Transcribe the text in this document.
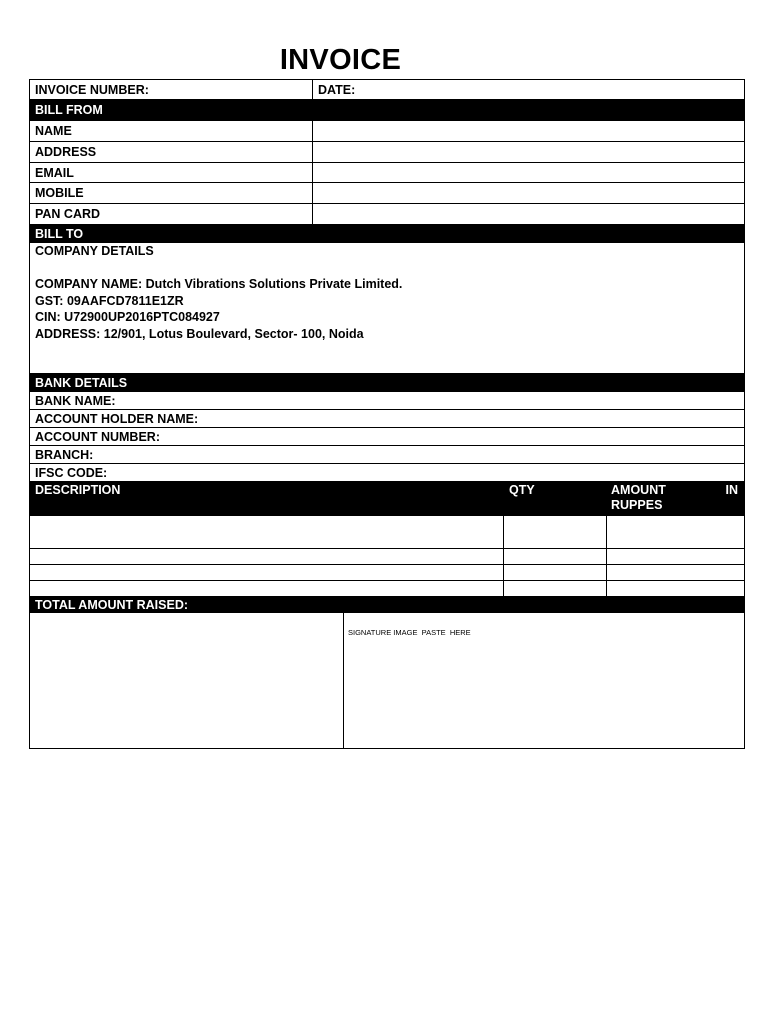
INVOICE
INVOICE NUMBER:	DATE:
BILL FROM
NAME
ADDRESS
EMAIL
MOBILE
PAN CARD
BILL TO
COMPANY DETAILS
COMPANY NAME: Dutch Vibrations Solutions Private Limited.
GST: 09AAFCD7811E1ZR
CIN: U72900UP2016PTC084927
ADDRESS: 12/901, Lotus Boulevard, Sector- 100, Noida
BANK DETAILS
BANK NAME:
ACCOUNT HOLDER NAME:
ACCOUNT NUMBER:
BRANCH:
IFSC CODE:
DESCRIPTION	QTY	AMOUNT IN RUPPES
TOTAL AMOUNT RAISED:
SIGNATURE IMAGE  PASTE  HERE
